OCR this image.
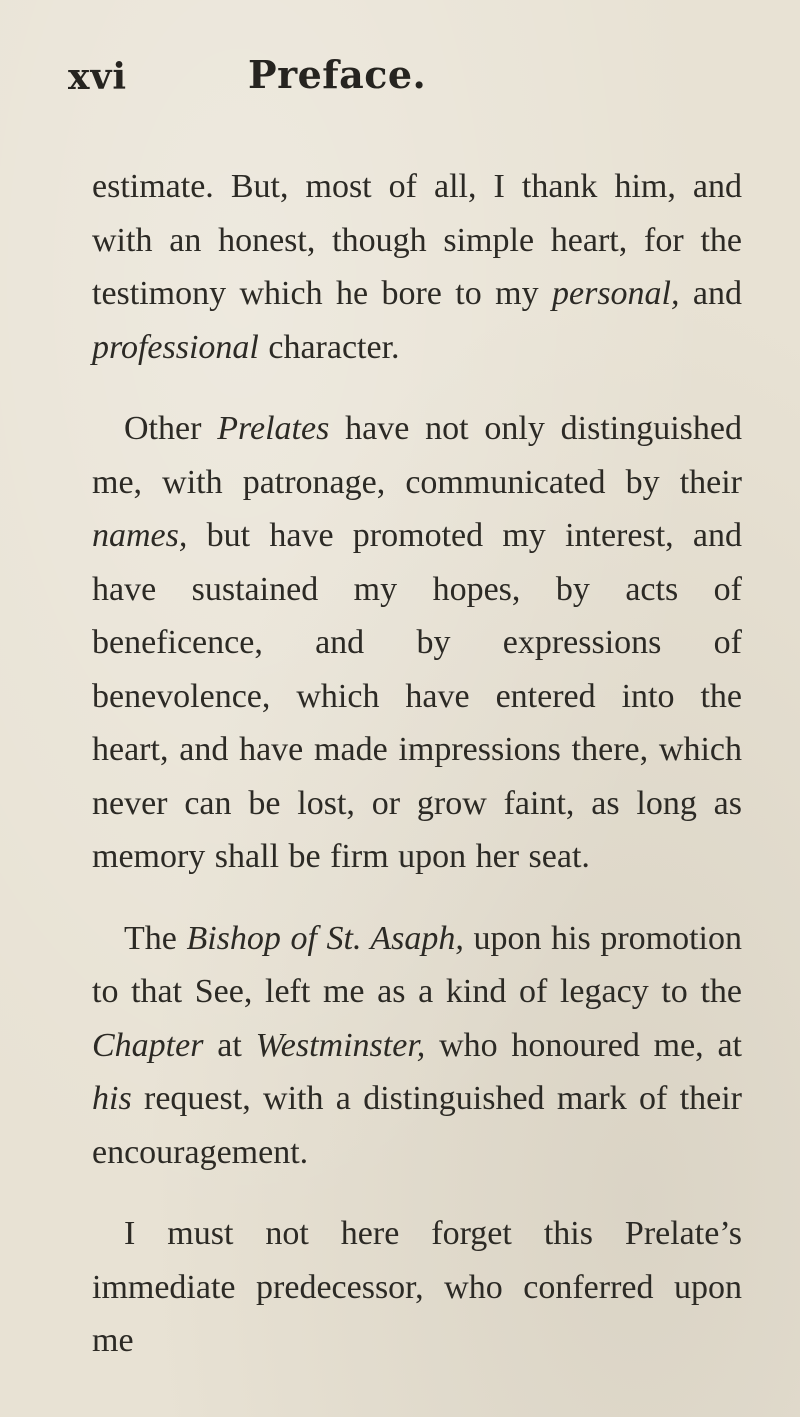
xvi	Preface.

estimate. But, most of all, I thank him, and with an honest, though simple heart, for the testimony which he bore to my personal, and professional character.

Other Prelates have not only distinguished me, with patronage, communicated by their names, but have promoted my interest, and have sustained my hopes, by acts of beneficence, and by expressions of benevolence, which have entered into the heart, and have made impressions there, which never can be lost, or grow faint, as long as memory shall be firm upon her seat.

The Bishop of St. Asaph, upon his promotion to that See, left me as a kind of legacy to the Chapter at Westminster, who honoured me, at his request, with a distinguished mark of their encouragement.

I must not here forget this Prelate’s immediate predecessor, who conferred upon me
